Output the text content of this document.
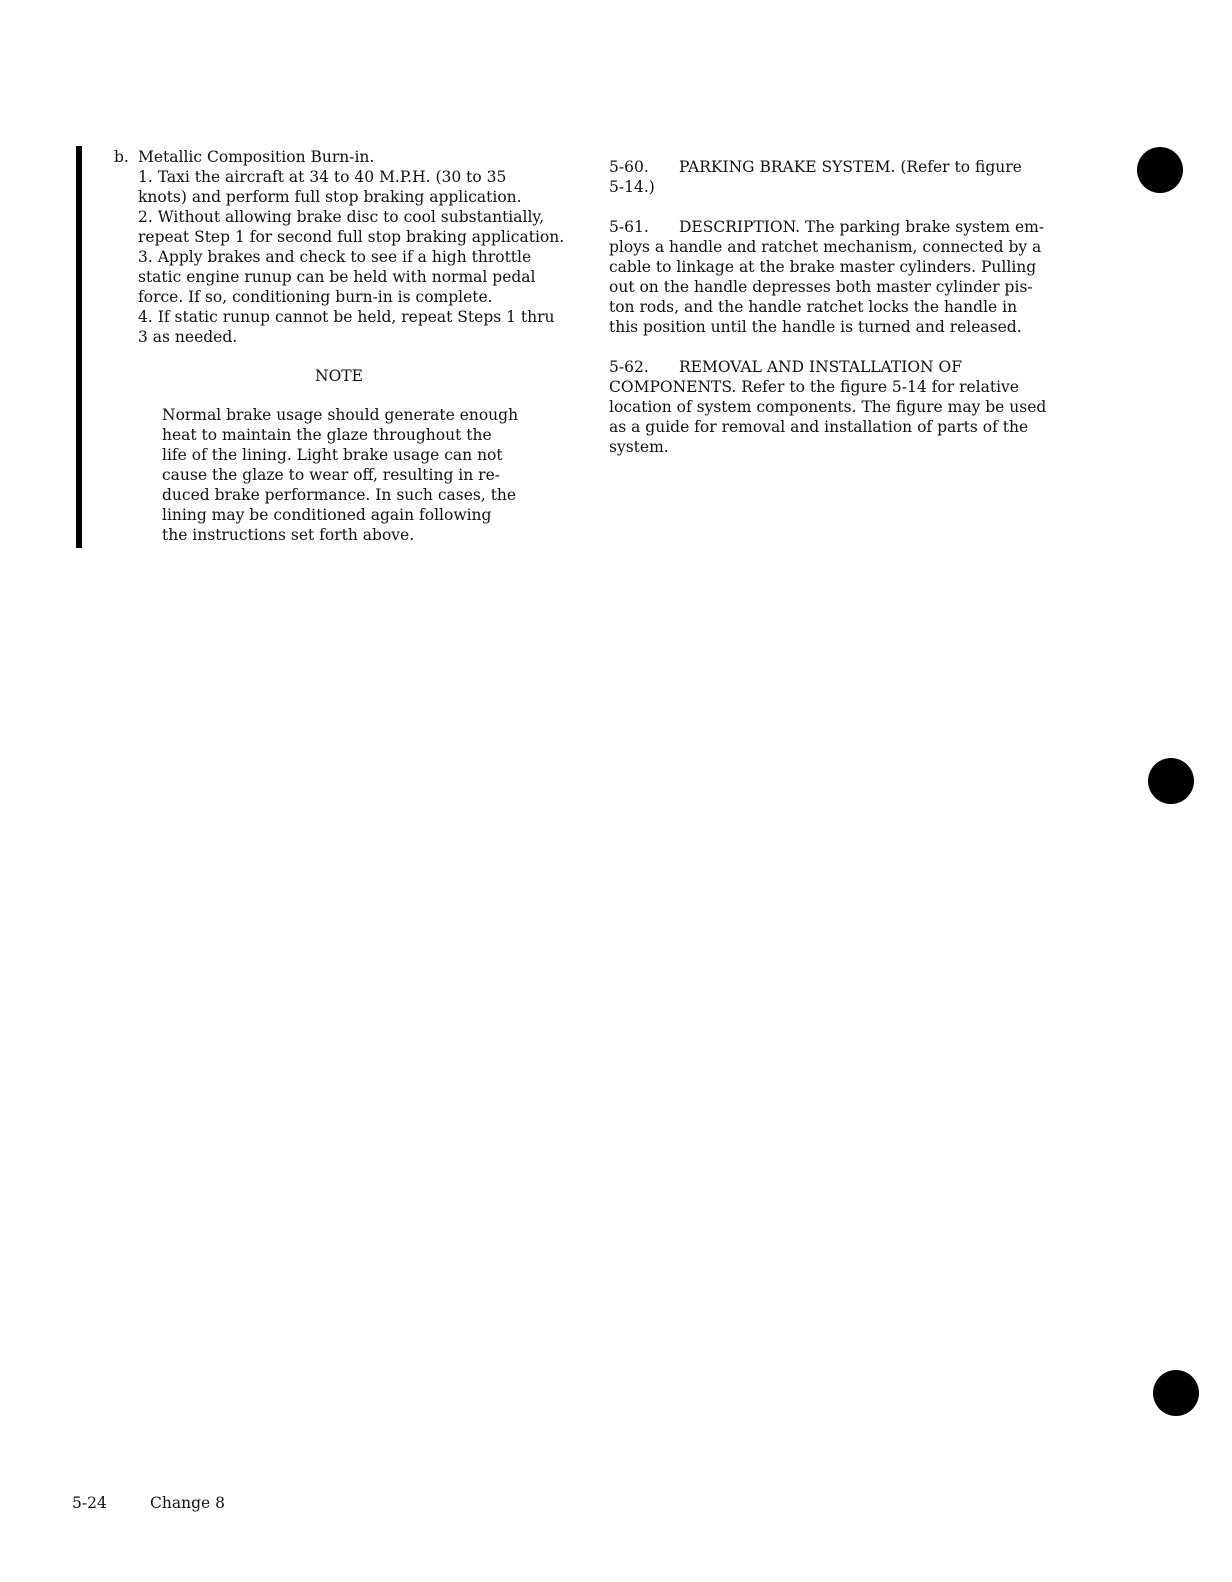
b. Metallic Composition Burn-in.
1. Taxi the aircraft at 34 to 40 M.P.H. (30 to 35
knots) and perform full stop braking application.
2. Without allowing brake disc to cool substantially,
repeat Step 1 for second full stop braking application.
3. Apply brakes and check to see if a high throttle
static engine runup can be held with normal pedal
force. If so, conditioning burn-in is complete.
4. If static runup cannot be held, repeat Steps 1 thru
3 as needed.
NOTE
Normal brake usage should generate enough
heat to maintain the glaze throughout the
life of the lining. Light brake usage can not
cause the glaze to wear off, resulting in re-
duced brake performance. In such cases, the
lining may be conditioned again following
the instructions set forth above.
5-60. PARKING BRAKE SYSTEM. (Refer to figure
5-14.)
5-61. DESCRIPTION. The parking brake system em-
ploys a handle and ratchet mechanism, connected by a
cable to linkage at the brake master cylinders. Pulling
out on the handle depresses both master cylinder pis-
ton rods, and the handle ratchet locks the handle in
this position until the handle is turned and released.
5-62. REMOVAL AND INSTALLATION OF
COMPONENTS. Refer to the figure 5-14 for relative
location of system components. The figure may be used
as a guide for removal and installation of parts of the
system.
5-24	Change 8
